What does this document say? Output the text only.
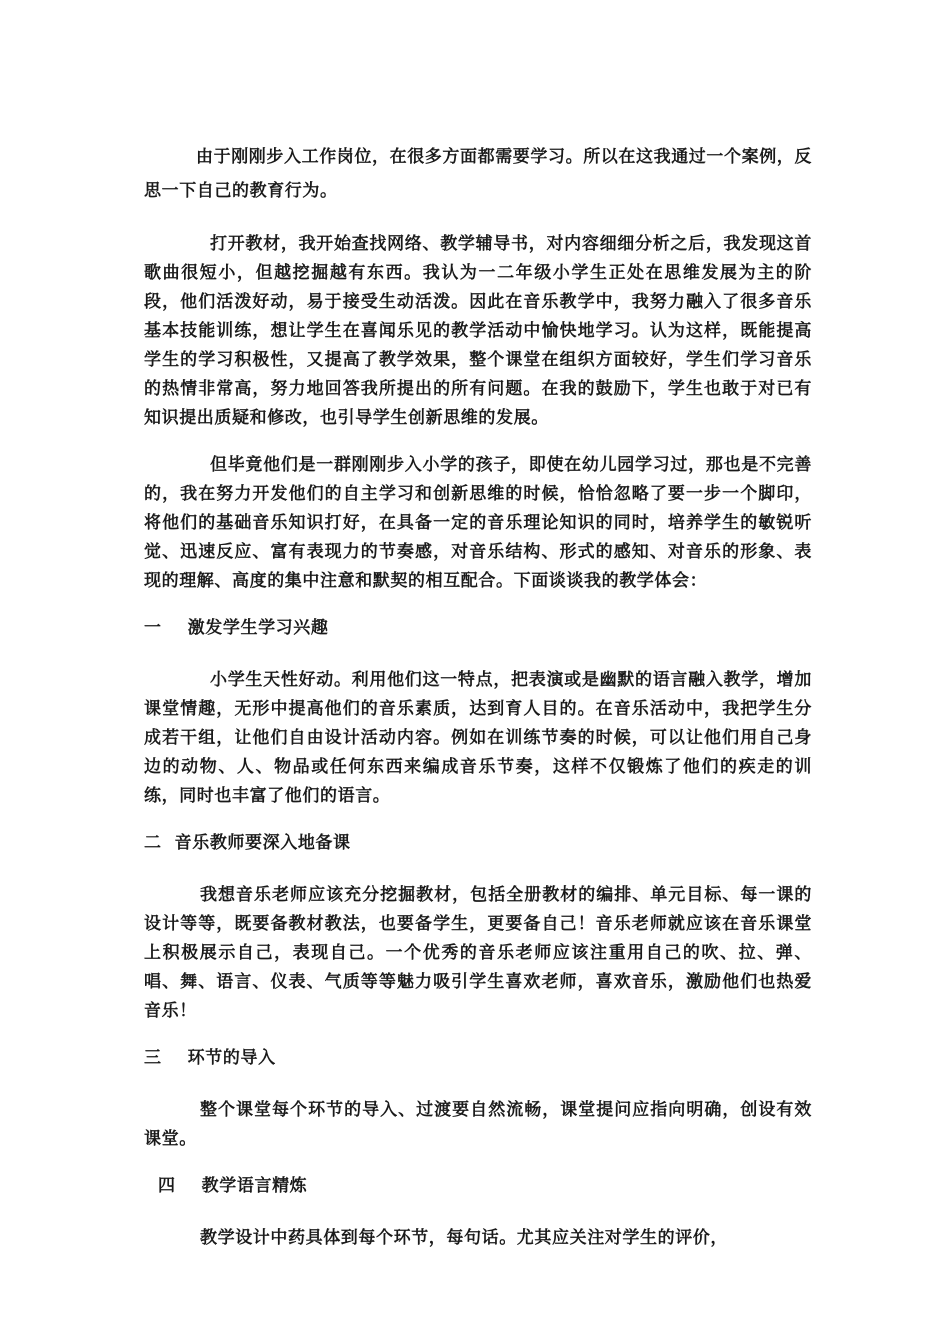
由于刚刚步入工作岗位，在很多方面都需要学习。所以在这我通过一个案例，反思一下自己的教育行为。

打开教材，我开始查找网络、教学辅导书，对内容细细分析之后，我发现这首歌曲很短小，但越挖掘越有东西。我认为一二年级小学生正处在思维发展为主的阶段，他们活泼好动，易于接受生动活泼。因此在音乐教学中，我努力融入了很多音乐基本技能训练，想让学生在喜闻乐见的教学活动中愉快地学习。认为这样，既能提高学生的学习积极性，又提高了教学效果，整个课堂在组织方面较好，学生们学习音乐的热情非常高，努力地回答我所提出的所有问题。在我的鼓励下，学生也敢于对已有知识提出质疑和修改，也引导学生创新思维的发展。

但毕竟他们是一群刚刚步入小学的孩子，即使在幼儿园学习过，那也是不完善的，我在努力开发他们的自主学习和创新思维的时候，恰恰忽略了要一步一个脚印，将他们的基础音乐知识打好，在具备一定的音乐理论知识的同时，培养学生的敏锐听觉、迅速反应、富有表现力的节奏感，对音乐结构、形式的感知、对音乐的形象、表现的理解、高度的集中注意和默契的相互配合。下面谈谈我的教学体会：

一    激发学生学习兴趣

小学生天性好动。利用他们这一特点，把表演或是幽默的语言融入教学，增加课堂情趣，无形中提高他们的音乐素质，达到育人目的。在音乐活动中，我把学生分成若干组，让他们自由设计活动内容。例如在训练节奏的时候，可以让他们用自己身边的动物、人、物品或任何东西来编成音乐节奏，这样不仅锻炼了他们的疾走的训练，同时也丰富了他们的语言。

二  音乐教师要深入地备课

我想音乐老师应该充分挖掘教材，包括全册教材的编排、单元目标、每一课的设计等等，既要备教材教法，也要备学生，更要备自己！音乐老师就应该在音乐课堂上积极展示自己，表现自己。一个优秀的音乐老师应该注重用自己的吹、拉、弹、唱、舞、语言、仪表、气质等等魅力吸引学生喜欢老师，喜欢音乐，激励他们也热爱音乐！

三    环节的导入

整个课堂每个环节的导入、过渡要自然流畅，课堂提问应指向明确，创设有效课堂。

四    教学语言精炼

教学设计中药具体到每个环节，每句话。尤其应关注对学生的评价，
